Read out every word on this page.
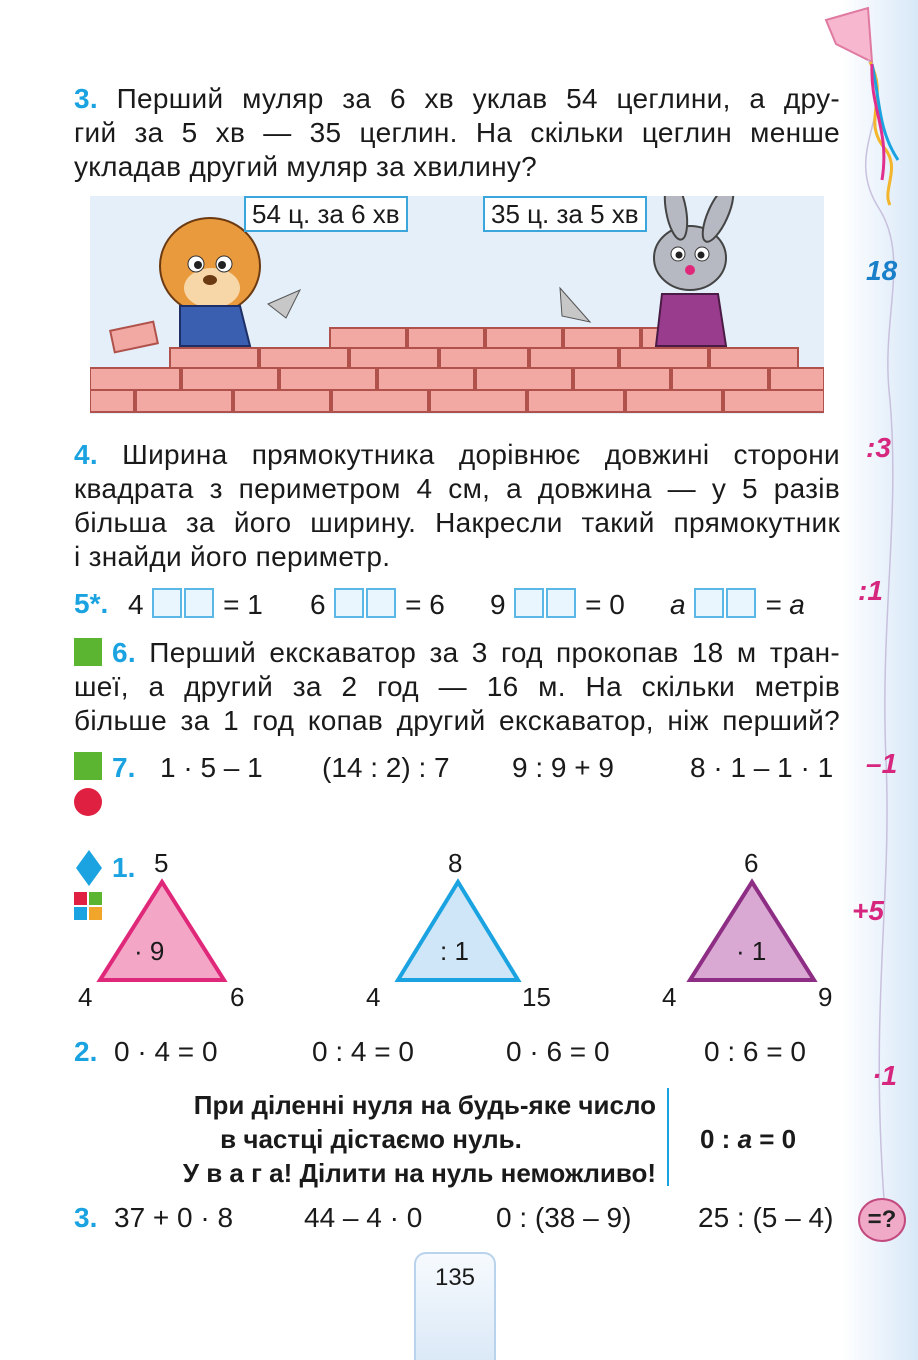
18
:3
:1
–1
+5
·1
=?
3. Перший муляр за 6 хв уклав 54 цеглини, а дру-
гий за 5 хв — 35 цеглин. На скільки цеглин менше
укладав другий муляр за хвилину?
54 ц. за 6 хв	35 ц. за 5 хв
4. Ширина прямокутника дорівнює довжині сторони
квадрата з периметром 4 см, а довжина — у 5 разів
більша за його ширину. Накресли такий прямокутник
і знайди його периметр.
5*. 4	= 1 6	= 6 9	= 0 a	= a
6. Перший екскаватор за 3 год прокопав 18 м тран-
шеї, а другий за 2 год — 16 м. На скільки метрів
більше за 1 год копав другий екскаватор, ніж перший?
7. 1 · 5 – 1 (14 : 2) : 7 9 : 9 + 9	8 · 1 – 1 · 1
1. 5
· 9
4	6
8
: 1
4	15
6
· 1
4	9
2. 0 · 4 = 0	0 : 4 = 0	0 · 6 = 0	0 : 6 = 0
При діленні нуля на будь-яке число
в частці дістаємо нуль.
У в а г а! Ділити на нуль неможливо!
0 : a = 0
3. 37 + 0 · 8	44 – 4 · 0	0 : (38 – 9) 25 : (5 – 4)
135
